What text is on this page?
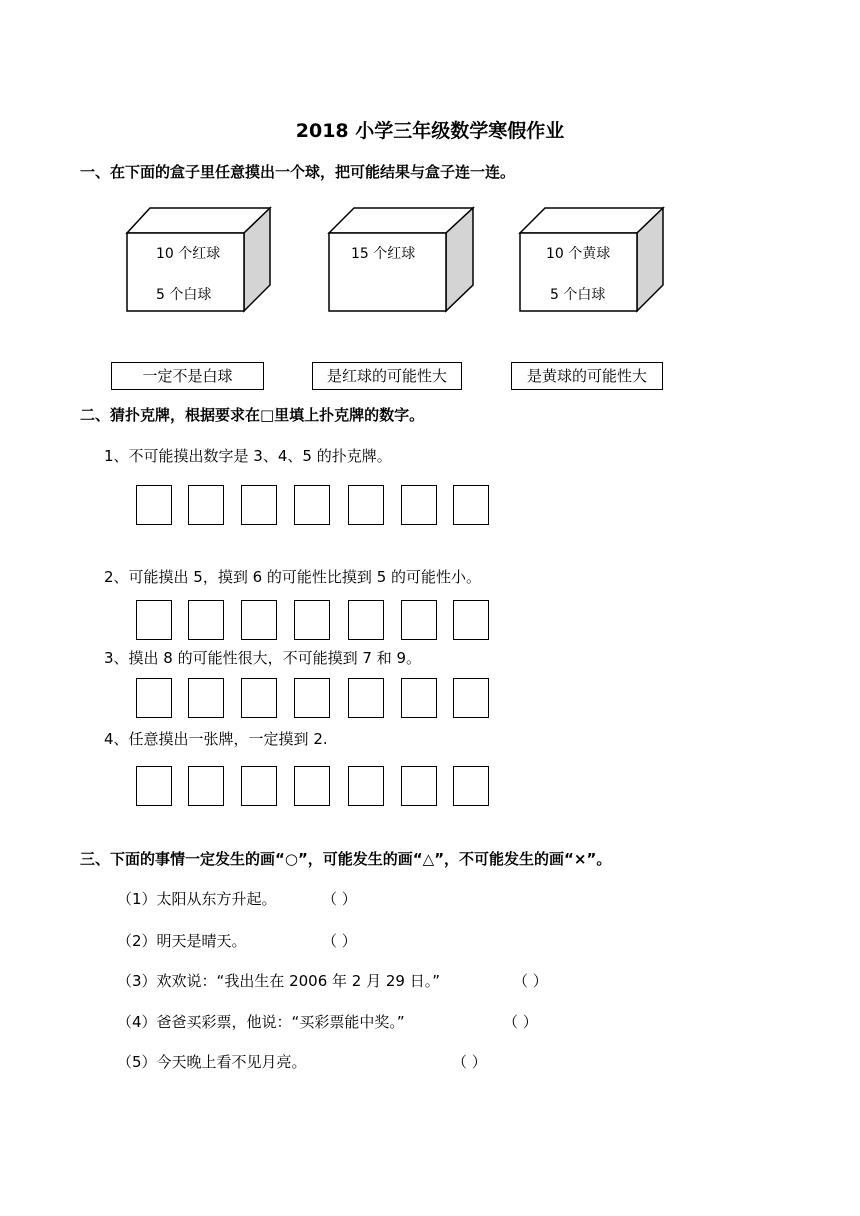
2018 小学三年级数学寒假作业
一、在下面的盒子里任意摸出一个球，把可能结果与盒子连一连。
10 个红球
5 个白球
15 个红球	10 个黄球
5 个白球
一定不是白球	是红球的可能性大	是黄球的可能性大
二、猜扑克牌，根据要求在□里填上扑克牌的数字。
1、不可能摸出数字是 3、4、5 的扑克牌。
2、可能摸出 5，摸到 6 的可能性比摸到 5 的可能性小。
3、摸出 8 的可能性很大，不可能摸到 7 和 9。
4、任意摸出一张牌，一定摸到 2.
三、下面的事情一定发生的画“○”，可能发生的画“△”，不可能发生的画“×”。
（1）太阳从东方升起。	（ ）
（2）明天是晴天。	（ ）
（3）欢欢说：“我出生在 2006 年 2 月 29 日。”	（ ）
（4）爸爸买彩票，他说：“买彩票能中奖。”	（ ）
（5）今天晚上看不见月亮。	（ ）
